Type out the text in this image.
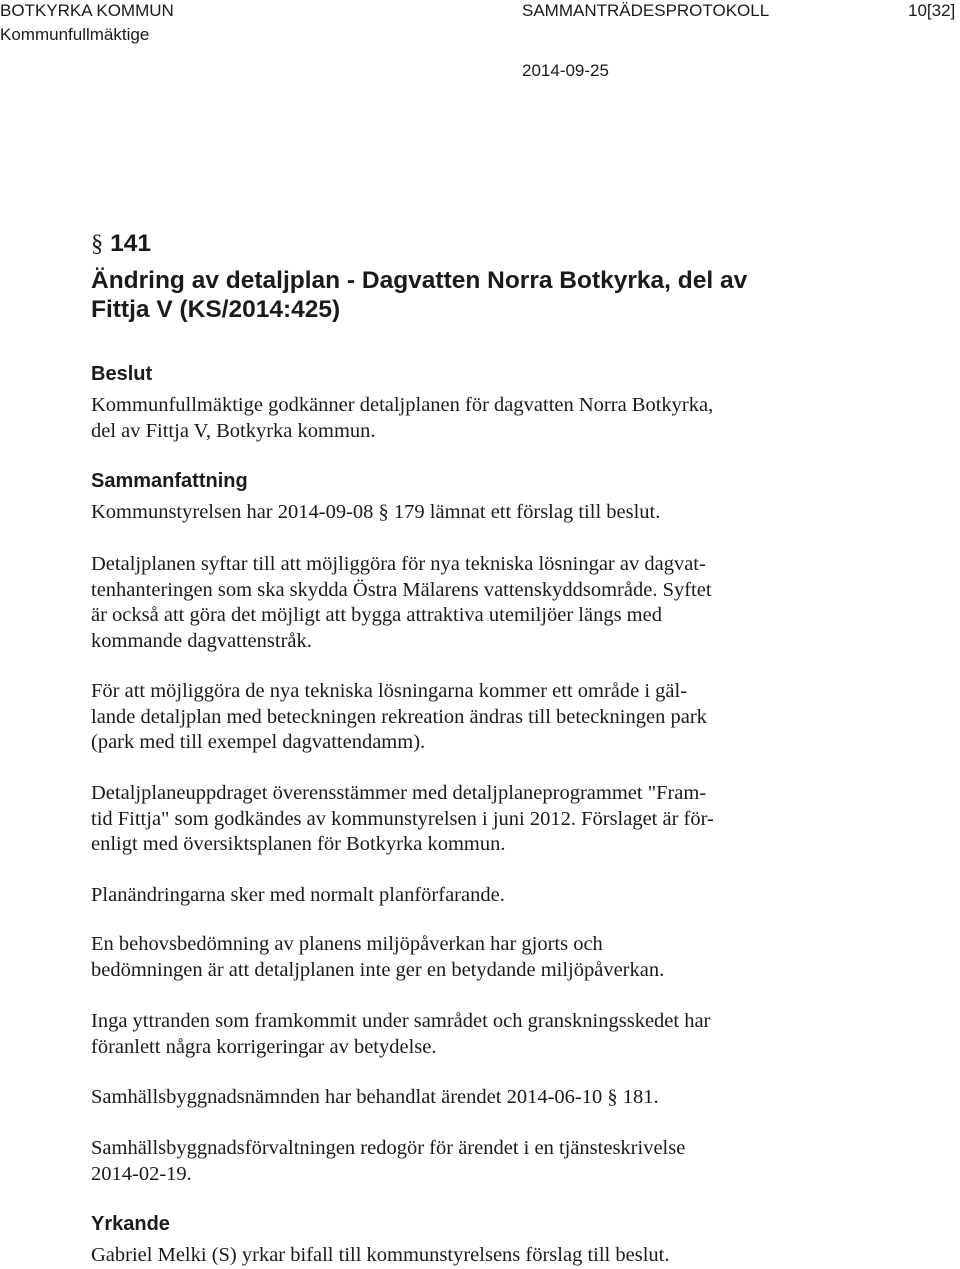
BOTKYRKA KOMMUN
Kommunfullmäktige
SAMMANTRÄDESPROTOKOLL	10[32]
2014-09-25
§ 141
Ändring av detaljplan - Dagvatten Norra Botkyrka, del av
Fittja V (KS/2014:425)
Beslut
Kommunfullmäktige godkänner detaljplanen för dagvatten Norra Botkyrka,
del av Fittja V, Botkyrka kommun.
Sammanfattning
Kommunstyrelsen har 2014-09-08 § 179 lämnat ett förslag till beslut.
Detaljplanen syftar till att möjliggöra för nya tekniska lösningar av dagvat-
tenhanteringen som ska skydda Östra Mälarens vattenskyddsområde. Syftet
är också att göra det möjligt att bygga attraktiva utemiljöer längs med
kommande dagvattenstråk.
För att möjliggöra de nya tekniska lösningarna kommer ett område i gäl-
lande detaljplan med beteckningen rekreation ändras till beteckningen park
(park med till exempel dagvattendamm).
Detaljplaneuppdraget överensstämmer med detaljplaneprogrammet "Fram-
tid Fittja" som godkändes av kommunstyrelsen i juni 2012. Förslaget är för-
enligt med översiktsplanen för Botkyrka kommun.
Planändringarna sker med normalt planförfarande.
En behovsbedömning av planens miljöpåverkan har gjorts och
bedömningen är att detaljplanen inte ger en betydande miljöpåverkan.
Inga yttranden som framkommit under samrådet och granskningsskedet har
föranlett några korrigeringar av betydelse.
Samhällsbyggnadsnämnden har behandlat ärendet 2014-06-10 § 181.
Samhällsbyggnadsförvaltningen redogör för ärendet i en tjänsteskrivelse
2014-02-19.
Yrkande
Gabriel Melki (S) yrkar bifall till kommunstyrelsens förslag till beslut.
